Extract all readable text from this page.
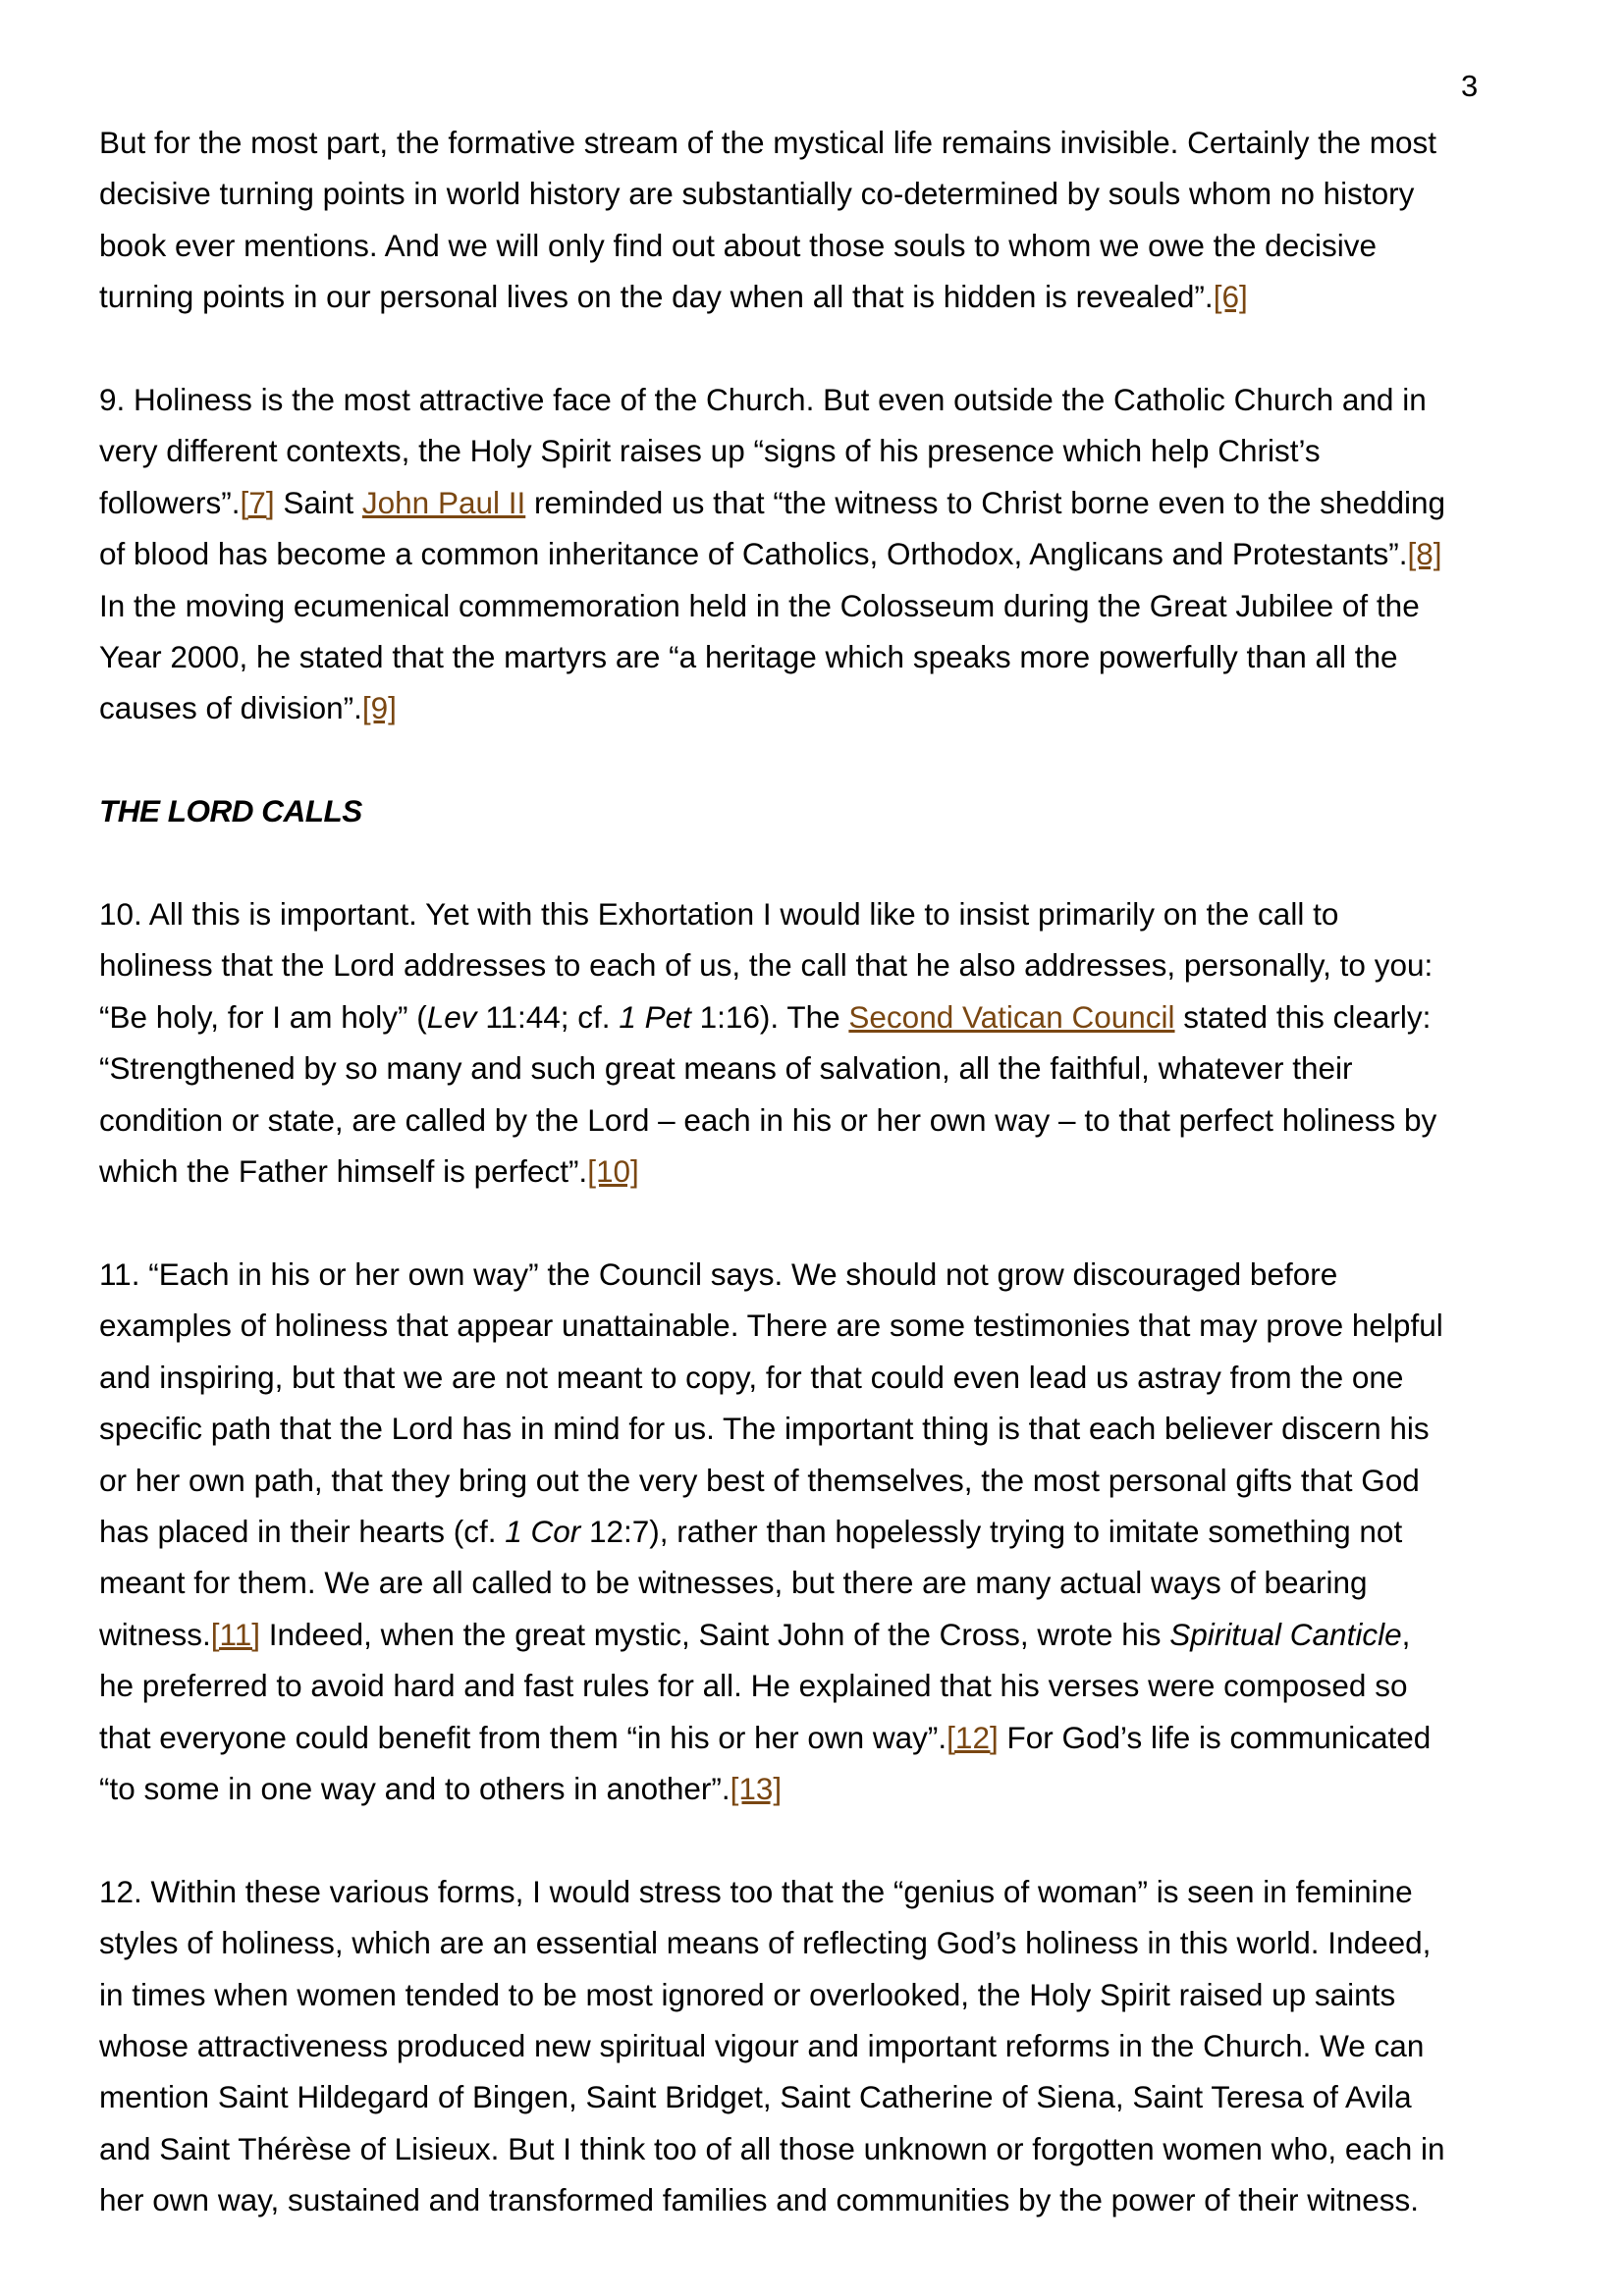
3

But for the most part, the formative stream of the mystical life remains invisible. Certainly the most
decisive turning points in world history are substantially co-determined by souls whom no history
book ever mentions. And we will only find out about those souls to whom we owe the decisive
turning points in our personal lives on the day when all that is hidden is revealed”.[6]

9. Holiness is the most attractive face of the Church. But even outside the Catholic Church and in
very different contexts, the Holy Spirit raises up “signs of his presence which help Christ’s
followers”.[7] Saint John Paul II reminded us that “the witness to Christ borne even to the shedding
of blood has become a common inheritance of Catholics, Orthodox, Anglicans and Protestants”.[8]
In the moving ecumenical commemoration held in the Colosseum during the Great Jubilee of the
Year 2000, he stated that the martyrs are “a heritage which speaks more powerfully than all the
causes of division”.[9]

THE LORD CALLS

10. All this is important. Yet with this Exhortation I would like to insist primarily on the call to
holiness that the Lord addresses to each of us, the call that he also addresses, personally, to you:
“Be holy, for I am holy” (Lev 11:44; cf. 1 Pet 1:16). The Second Vatican Council stated this clearly:
“Strengthened by so many and such great means of salvation, all the faithful, whatever their
condition or state, are called by the Lord – each in his or her own way – to that perfect holiness by
which the Father himself is perfect”.[10]

11. “Each in his or her own way” the Council says. We should not grow discouraged before
examples of holiness that appear unattainable. There are some testimonies that may prove helpful
and inspiring, but that we are not meant to copy, for that could even lead us astray from the one
specific path that the Lord has in mind for us. The important thing is that each believer discern his
or her own path, that they bring out the very best of themselves, the most personal gifts that God
has placed in their hearts (cf. 1 Cor 12:7), rather than hopelessly trying to imitate something not
meant for them. We are all called to be witnesses, but there are many actual ways of bearing
witness.[11] Indeed, when the great mystic, Saint John of the Cross, wrote his Spiritual Canticle,
he preferred to avoid hard and fast rules for all. He explained that his verses were composed so
that everyone could benefit from them “in his or her own way”.[12] For God’s life is communicated
“to some in one way and to others in another”.[13]

12. Within these various forms, I would stress too that the “genius of woman” is seen in feminine
styles of holiness, which are an essential means of reflecting God’s holiness in this world. Indeed,
in times when women tended to be most ignored or overlooked, the Holy Spirit raised up saints
whose attractiveness produced new spiritual vigour and important reforms in the Church. We can
mention Saint Hildegard of Bingen, Saint Bridget, Saint Catherine of Siena, Saint Teresa of Avila
and Saint Thérèse of Lisieux. But I think too of all those unknown or forgotten women who, each in
her own way, sustained and transformed families and communities by the power of their witness.
